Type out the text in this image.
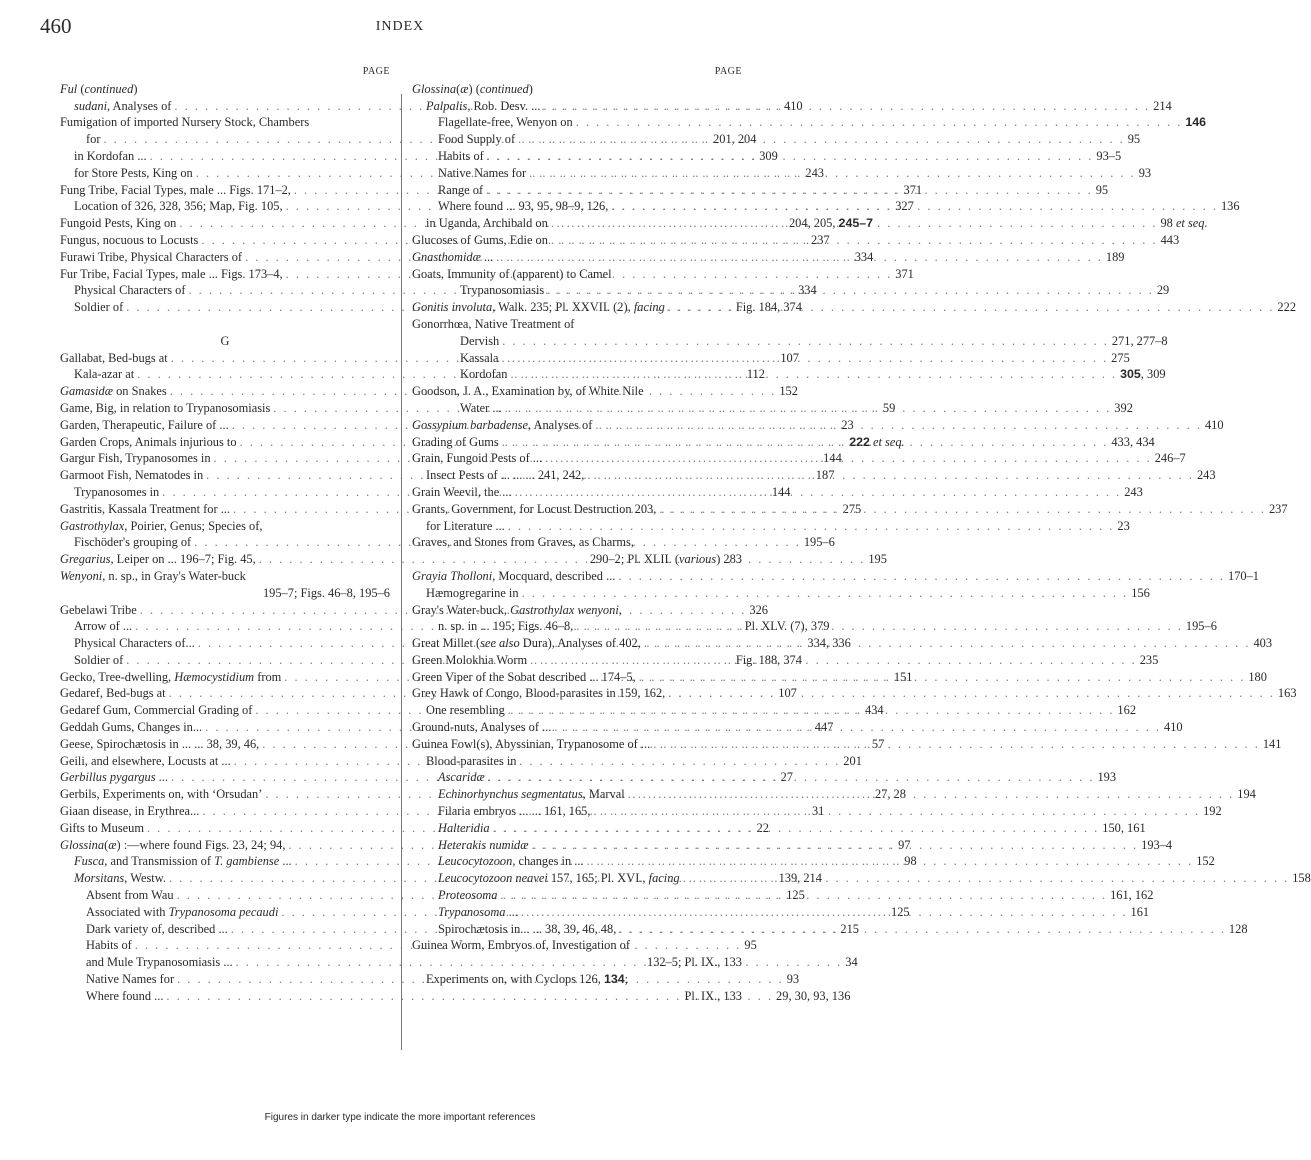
460	INDEX
PAGE
Ful (continued)
sudani, Analyses of . . .	410
Fumigation of imported Nursery Stock, Chambers
for . . .	201, 204
in Kordofan ... . . .	309
for Store Pests, King on . . .	243
Fung Tribe, Facial Types, male ... Figs. 171–2, . . .	371
Location of 326, 328, 356; Map, Fig. 105, . . .	327
Fungoid Pests, King on . . .	204, 205, 245–7
Fungus, nocuous to Locusts . . .	237
Furawi Tribe, Physical Characters of . . .	334
Fur Tribe, Facial Types, male ... Figs. 173–4, . . .	371
Physical Characters of . . .	334
Soldier of . . .	Fig. 184, 374
G
Gallabat, Bed-bugs at . . .	107
Kala-azar at . . .	112
Gamasidæ on Snakes . . .	152
Game, Big, in relation to Trypanosomiasis . . .	59
Garden, Therapeutic, Failure of ... . . .	23
Garden Crops, Animals injurious to . . .	222 et seq.
Gargur Fish, Trypanosomes in . . .	144
Garmoot Fish, Nematodes in . . .	187
Trypanosomes in . . .	144
Gastritis, Kassala Treatment for ... . . .	275
Gastrothylax, Poirier, Genus; Species of,
Fischöder's grouping of . . .	195–6
Gregarius, Leiper on ... 196–7; Fig. 45, . . .	195
Wenyoni, n. sp., in Gray's Water-buck
195–7; Figs. 46–8, 195–6
Gebelawi Tribe . . .	326
Arrow of ... . . .	Pl. XLV. (7), 379
Physical Characters of... . . .	334, 336
Soldier of . . .	Fig. 188, 374
Gecko, Tree-dwelling, Hæmocystidium from . . .	151
Gedaref, Bed-bugs at . . .	107
Gedaref Gum, Commercial Grading of . . .	434
Geddah Gums, Changes in... . . .	447
Geese, Spirochætosis in ... ... 38, 39, 46, . . .	57
Geili, and elsewhere, Locusts at ... . . .	201
Gerbillus pygargus ... . . .	27
Gerbils, Experiments on, with ‘Orsudan’ . . .	27, 28
Giaan disease, in Erythrea... . . .	31
Gifts to Museum . . .	22
Glossina(æ) :—where found Figs. 23, 24; 94, . . .	97
Fusca, and Transmission of T. gambiense ... . . .	98
Morsitans, Westw. . . .	139, 214
Absent from Wau . . .	125
Associated with Trypanosoma pecaudi . . .	125
Dark variety of, described ... . . .	215
Habits of . . .	95
and Mule Trypanosomiasis ... . . .	34
Native Names for . . .	93
Where found ... . . .	29, 30, 93, 136
PAGE
Glossina(æ) (continued)
Palpalis, Rob. Desv. ... . . .	214
Flagellate-free, Wenyon on . . .	146
Food Supply of . . .	95
Habits of . . .	93–5
Native Names for . . .	93
Range of . . .	95
Where found ... 93, 95, 98–9, 126, . . .	136
in Uganda, Archibald on . . .	98 et seq.
Glucoses of Gums, Edie on . . .	443
Gnasthomidæ ... . . .	189
Goats, Immunity of (apparent) to Camel
Trypanosomiasis . . .	29
Gonitis involuta, Walk. 235; Pl. XXVII. (2), facing . . .	222
Gonorrhœa, Native Treatment of
Dervish . . .	271, 277–8
Kassala . . .	275
Kordofan . . .	305, 309
Goodson, J. A., Examination by, of White Nile
Water ... . . .	392
Gossypium barbadense, Analyses of . . .	410
Grading of Gums . . .	433, 434
Grain, Fungoid Pests of ... . . .	246–7
Insect Pests of ... ... ... 241, 242, . . .	243
Grain Weevil, the ... . . .	243
Grants, Government, for Locust Destruction 203, . . .	237
for Literature ... . . .	23
Graves, and Stones from Graves, as Charms,
290–2; Pl. XLII. (various) 283
Grayia Tholloni, Mocquard, described ... . . .	170–1
Hæmogregarine in . . .	156
Gray's Water-buck, Gastrothylax wenyoni,
n. sp. in ... 195; Figs. 46–8, . . .	195–6
Great Millet (see also Dura), Analyses of 402, . . .	403
Green Molokhia Worm . . .	235
Green Viper of the Sobat described ... 174–5, . . .	180
Grey Hawk of Congo, Blood-parasites in 159, 162, . . .	163
One resembling . . .	162
Ground-nuts, Analyses of ... . . .	410
Guinea Fowl(s), Abyssinian, Trypanosome of ... . . .	141
Blood-parasites in
Ascaridæ . . .	193
Echinorhynchus segmentatus, Marval . . .	194
Filaria embryos ... ... 161, 165, . . .	192
Halteridia . . .	150, 161
Heterakis numidæ . . .	193–4
Leucocytozoon, changes in ... . . .	152
Leucocytozoon neavei 157, 165; Pl. XVI., facing . . .	158
Proteosoma . . .	161, 162
Trypanosoma ... . . .	161
Spirochætosis in... ... 38, 39, 46, 48, . . .	128
Guinea Worm, Embryos of, Investigation of
132–5; Pl. IX., 133
Experiments on, with Cyclops 126, 134;
Pl. IX., 133
Figures in darker type indicate the more important references
